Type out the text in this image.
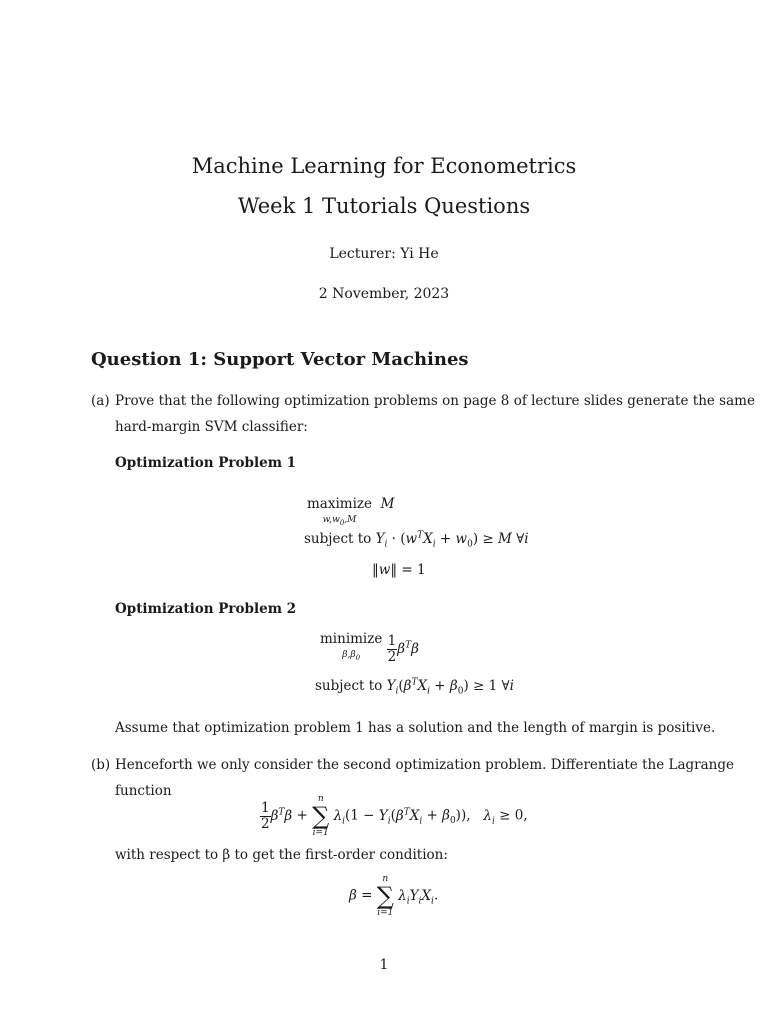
Machine Learning for Econometrics
Week 1 Tutorials Questions
Lecturer: Yi He
2 November, 2023
Question 1: Support Vector Machines
(a) Prove that the following optimization problems on page 8 of lecture slides generate the same
hard-margin SVM classifier:
Optimization Problem 1
maximize
$^{w,w_0,M}$  M
subject to $Y_i \cdot (w^TX_i + w_0) \ge M$ ∀i
‖w‖ = 1
Optimization Problem 2
minimize
$^{\beta,\beta_0} \frac{1}{2} \beta^T\beta$
subject to $Y_i(\beta^TX_i + \beta_0) \ge 1$ ∀i
Assume that optimization problem 1 has a solution and the length of margin is positive.
(b) Henceforth we only consider the second optimization problem. Differentiate the Lagrange
function
$\frac{1}{2} \beta^T\beta$ +
n
∑
i=1
$\lambda_i(1 - Y_i(\beta^TX_i + \beta_0))$,   $\lambda_i \ge 0$,
with respect to β to get the first-order condition:
β =
n
∑
i=1
$\lambda_iY_iX_i$.
1
